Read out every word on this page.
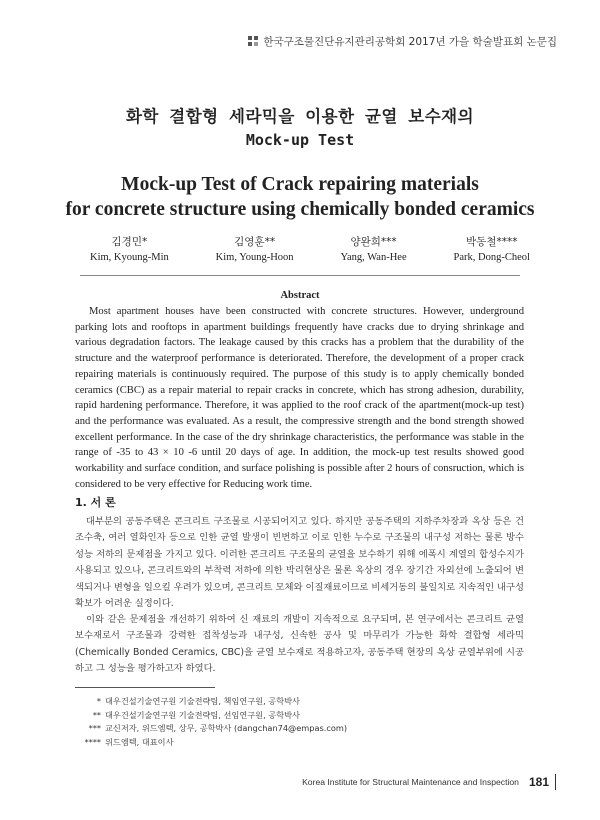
한국구조물진단유지관리공학회 2017년 가을 학술발표회 논문집
화학 결합형 세라믹을 이용한 균열 보수재의
Mock-up Test
Mock-up Test of Crack repairing materials
for concrete structure using chemically bonded ceramics
김경민*
Kim, Kyoung-Min
김영훈**
Kim, Young-Hoon
양완희***
Yang, Wan-Hee
박동철****
Park, Dong-Cheol
Abstract

Most apartment houses have been constructed with concrete structures. However, underground parking lots and rooftops in apartment buildings frequently have cracks due to drying shrinkage and various degradation factors. The leakage caused by this cracks has a problem that the durability of the structure and the waterproof performance is deteriorated. Therefore, the development of a proper crack repairing materials is continuously required. The purpose of this study is to apply chemically bonded ceramics (CBC) as a repair material to repair cracks in concrete, which has strong adhesion, durability, rapid hardening performance. Therefore, it was applied to the roof crack of the apartment(mock-up test) and the performance was evaluated. As a result, the compressive strength and the bond strength showed excellent performance. In the case of the dry shrinkage characteristics, the performance was stable in the range of -35 to 43 × 10 -6 until 20 days of age. In addition, the mock-up test results showed good workability and surface condition, and surface polishing is possible after 2 hours of consruction, which is considered to be very effective for Reducing work time.

1. 서 론

대부분의 공동주택은 콘크리트 구조물로 시공되어지고 있다. 하지만 공동주택의 지하주차장과 옥상 등은 건조수축, 여러 열화인자 등으로 인한 균열 발생이 빈번하고 이로 인한 누수로 구조물의 내구성 저하는 물론 방수성능 저하의 문제점을 가지고 있다. 이러한 콘크리트 구조물의 균열을 보수하기 위해 에폭시 계열의 합성수지가 사용되고 있으나, 콘크리트와의 부착력 저하에 의한 박리현상은 물론 옥상의 경우 장기간 자외선에 노출되어 변색되거나 변형을 일으킬 우려가 있으며, 콘크리트 모체와 이질재료이므로 비세거동의 불일치로 지속적인 내구성 확보가 어려운 실정이다.

이와 같은 문제점을 개선하기 위하여 신 재료의 개발이 지속적으로 요구되며, 본 연구에서는 콘크리트 균열 보수재로서 구조물과 강력한 접착성능과 내구성, 신속한 공사 및 마무리가 가능한 화학 결합형 세라믹(Chemically Bonded Ceramics, CBC)을 균열 보수재로 적용하고자, 공동주택 현장의 옥상 균열부위에 시공하고 그 성능을 평가하고자 하였다.

* 대우건설기술연구원 기술전략팀, 책임연구원, 공학박사
** 대우건설기술연구원 기술전략팀, 선임연구원, 공학박사
*** 교신저자, 위드엠텍, 상무, 공학박사 (dangchan74@empas.com)
**** 위드엠텍, 대표이사
Korea Institute for Structural Maintenance and Inspection 181
